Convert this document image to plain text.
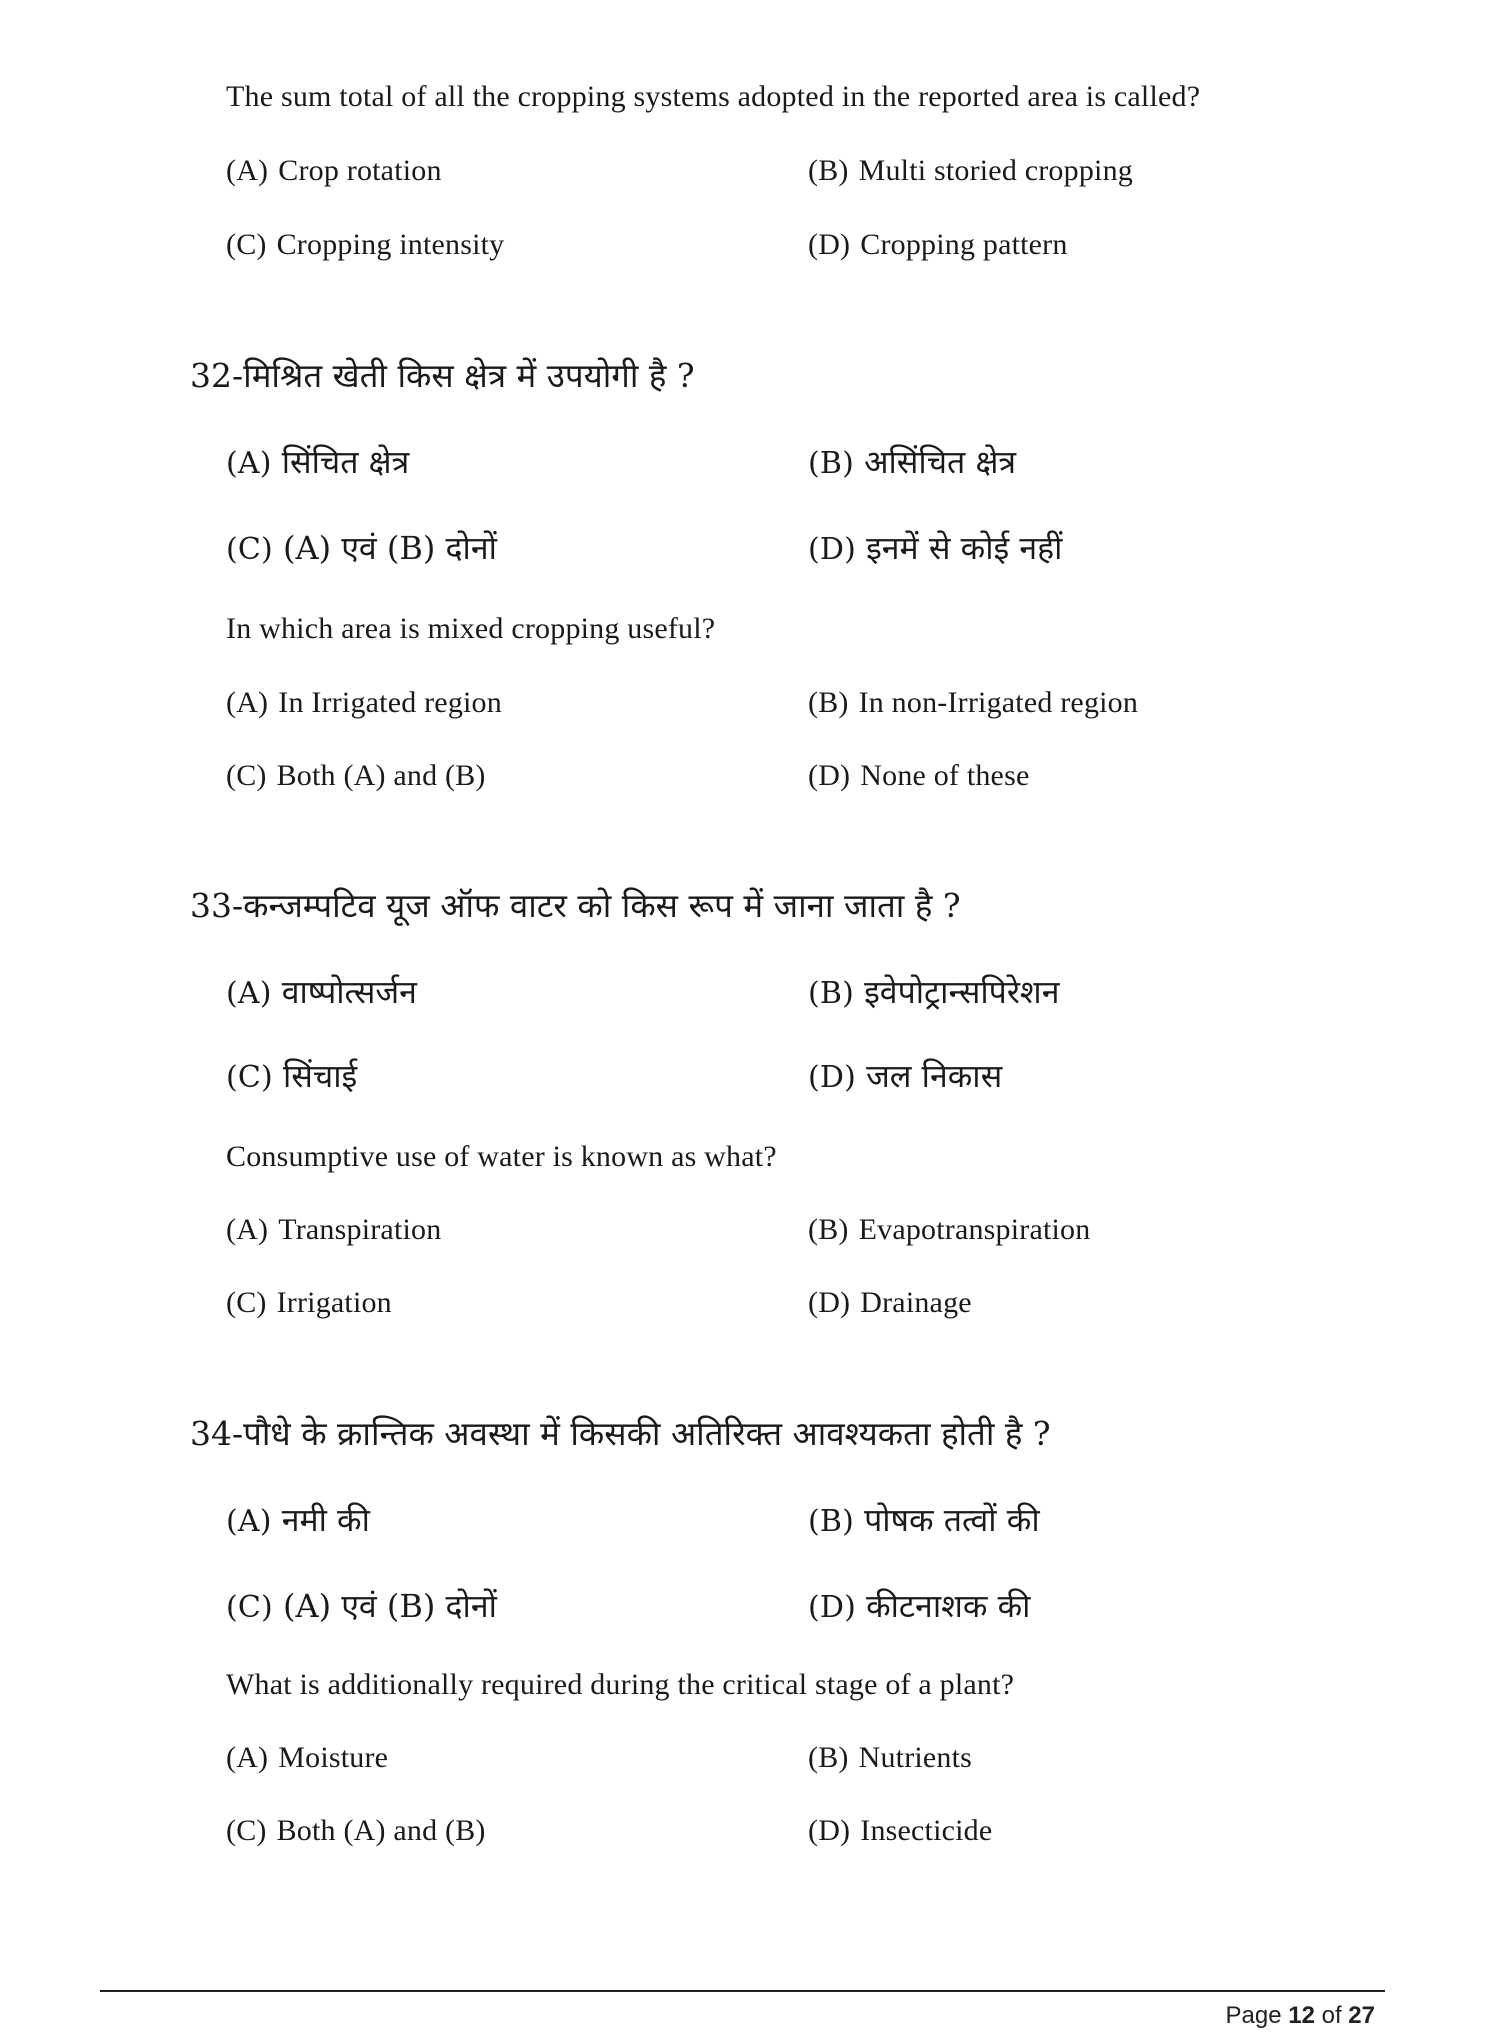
The sum total of all the cropping systems adopted in the reported area is called?
(A) Crop rotation	(B) Multi storied cropping
(C) Cropping intensity	(D) Cropping pattern
32-मिश्रित खेती किस क्षेत्र में उपयोगी है ?
(A) सिंचित क्षेत्र	(B) असिंचित क्षेत्र
(C) (A) एवं (B) दोनों	(D) इनमें से कोई नहीं
In which area is mixed cropping useful?
(A) In Irrigated region	(B) In non-Irrigated region
(C) Both (A) and (B)	(D) None of these
33-कन्जम्पटिव यूज ऑफ वाटर को किस रूप में जाना जाता है ?
(A) वाष्पोत्सर्जन	(B) इवेपोट्रान्सपिरेशन
(C) सिंचाई	(D) जल निकास
Consumptive use of water is known as what?
(A) Transpiration	(B) Evapotranspiration
(C) Irrigation	(D) Drainage
34-पौधे के क्रान्तिक अवस्था में किसकी अतिरिक्त आवश्यकता होती है ?
(A) नमी की	(B) पोषक तत्वों की
(C) (A) एवं (B) दोनों	(D) कीटनाशक की
What is additionally required during the critical stage of a plant?
(A) Moisture	(B) Nutrients
(C) Both (A) and (B)	(D) Insecticide
Page 12 of 27
